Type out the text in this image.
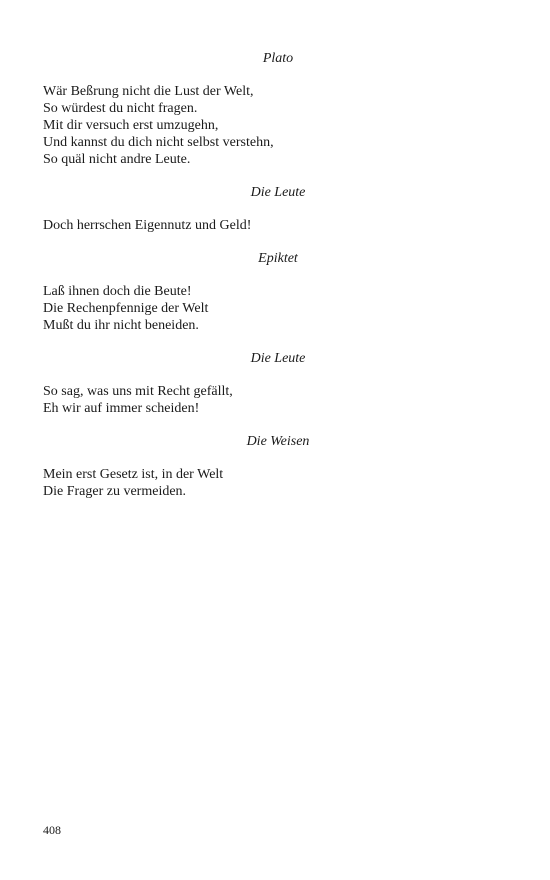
Plato

Wär Beßrung nicht die Lust der Welt,
So würdest du nicht fragen.
Mit dir versuch erst umzugehn,
Und kannst du dich nicht selbst verstehn,
So quäl nicht andre Leute.

Die Leute

Doch herrschen Eigennutz und Geld!

Epiktet

Laß ihnen doch die Beute!
Die Rechenpfennige der Welt
Mußt du ihr nicht beneiden.

Die Leute

So sag, was uns mit Recht gefällt,
Eh wir auf immer scheiden!

Die Weisen

Mein erst Gesetz ist, in der Welt
Die Frager zu vermeiden.
408
